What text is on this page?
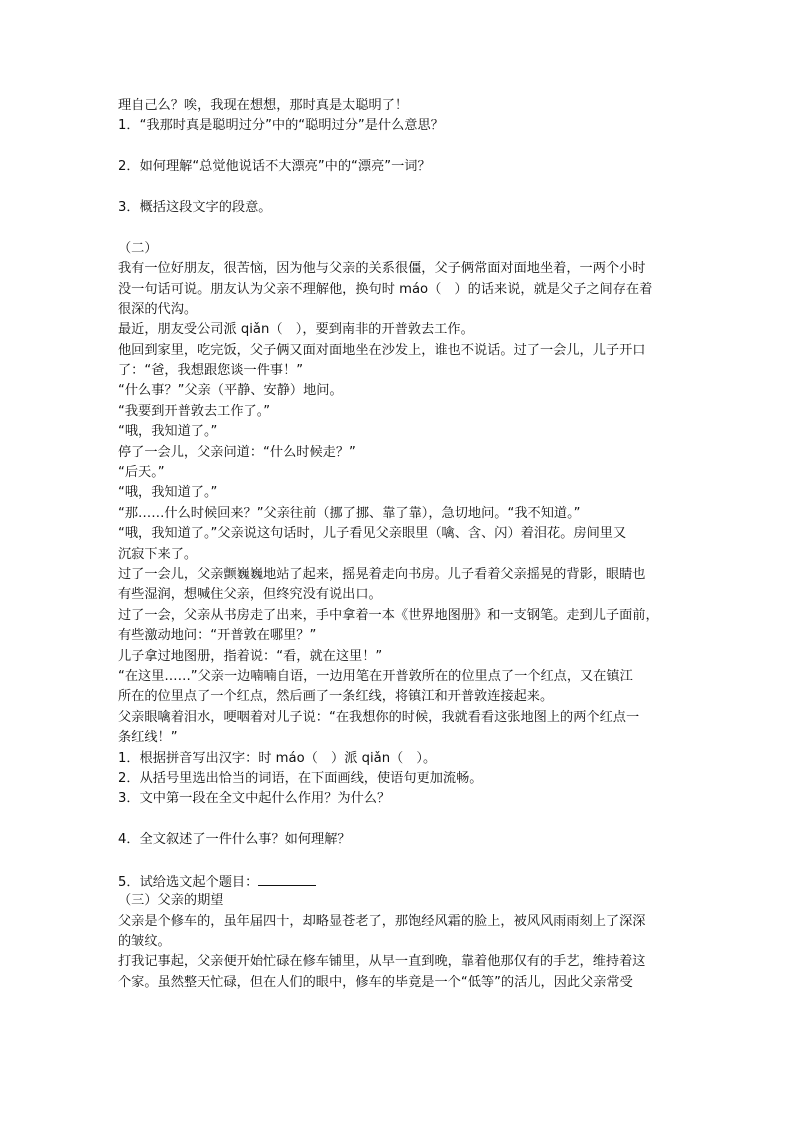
理自己么？唉，我现在想想，那时真是太聪明了！
1．“我那时真是聪明过分”中的“聪明过分”是什么意思？
2．如何理解“总觉他说话不大漂亮”中的“漂亮”一词？
3．概括这段文字的段意。
（二）
我有一位好朋友，很苦恼，因为他与父亲的关系很僵，父子俩常面对面地坐着，一两个小时
没一句话可说。朋友认为父亲不理解他，换句时 máo（　）的话来说，就是父子之间存在着
很深的代沟。
最近，朋友受公司派 qiǎn（　），要到南非的开普敦去工作。
他回到家里，吃完饭，父子俩又面对面地坐在沙发上，谁也不说话。过了一会儿，儿子开口
了：“爸，我想跟您谈一件事！”
“什么事？”父亲（平静、安静）地问。
“我要到开普敦去工作了。”
“哦，我知道了。”
停了一会儿，父亲问道：“什么时候走？”
“后天。”
“哦，我知道了。”
“那……什么时候回来？”父亲往前（挪了挪、靠了靠），急切地问。“我不知道。”
“哦，我知道了。”父亲说这句话时，儿子看见父亲眼里（噙、含、闪）着泪花。房间里又
沉寂下来了。
过了一会儿，父亲颤巍巍地站了起来，摇晃着走向书房。儿子看着父亲摇晃的背影，眼睛也
有些湿润，想喊住父亲，但终究没有说出口。
过了一会，父亲从书房走了出来，手中拿着一本《世界地图册》和一支钢笔。走到儿子面前，
有些激动地问：“开普敦在哪里？”
儿子拿过地图册，指着说：“看，就在这里！”
“在这里……”父亲一边喃喃自语，一边用笔在开普敦所在的位里点了一个红点，又在镇江
所在的位里点了一个红点，然后画了一条红线，将镇江和开普敦连接起来。
父亲眼噙着泪水，哽咽着对儿子说：“在我想你的时候，我就看看这张地图上的两个红点一
条红线！”
1．根据拼音写出汉字：时 máo（　）派 qiǎn（　）。
2．从括号里选出恰当的词语，在下面画线，使语句更加流畅。
3．文中第一段在全文中起什么作用？为什么？
4．全文叙述了一件什么事？如何理解？
5．试给选文起个题目：
（三）父亲的期望
父亲是个修车的，虽年届四十，却略显苍老了，那饱经风霜的脸上，被风风雨雨刻上了深深
的皱纹。
打我记事起，父亲便开始忙碌在修车铺里，从早一直到晚，靠着他那仅有的手艺，维持着这
个家。虽然整天忙碌，但在人们的眼中，修车的毕竟是一个“低等”的活儿，因此父亲常受
